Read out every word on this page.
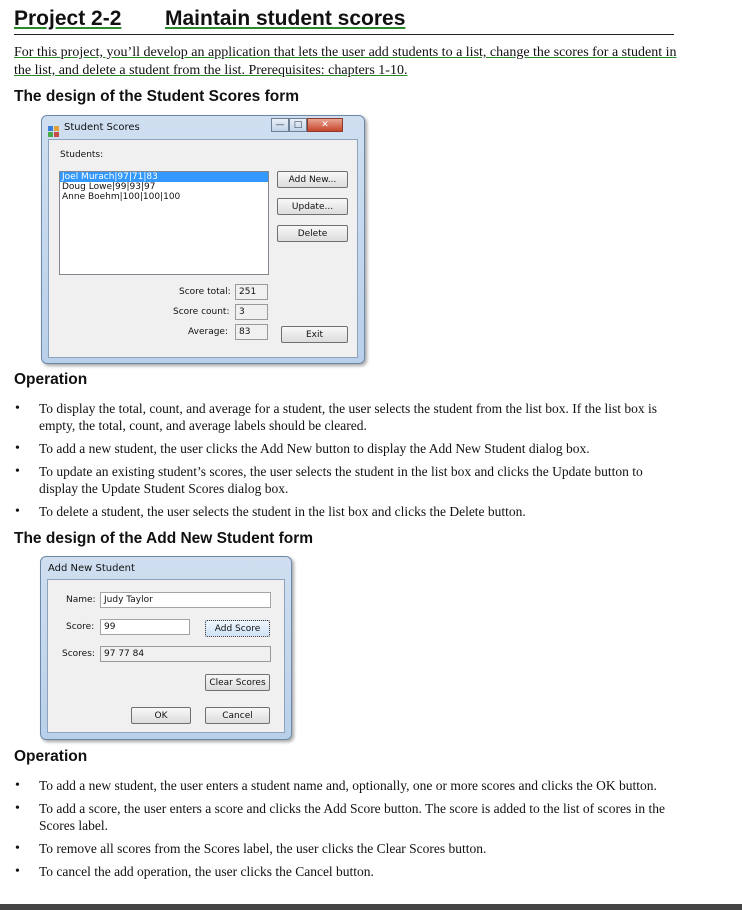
Project 2-2 Maintain student scores
For this project, you’ll develop an application that lets the user add students to a list, change the scores for a student in the list, and delete a student from the list. Prerequisites: chapters 1-10.
The design of the Student Scores form
Student Scores	—	□	✕
Students:
Joel Murach|97|71|83
Doug Lowe|99|93|97
Anne Boehm|100|100|100
Add New...
Update...
Delete
Score total: 251
Score count:	3
Average:	83	Exit
Operation
• To display the total, count, and average for a student, the user selects the student from the list box. If the list box is empty, the total, count, and average labels should be cleared.
• To add a new student, the user clicks the Add New button to display the Add New Student dialog box.
• To update an existing student’s scores, the user selects the student in the list box and clicks the Update button to display the Update Student Scores dialog box.
• To delete a student, the user selects the student in the list box and clicks the Delete button.
The design of the Add New Student form
Add New Student
Name: Judy Taylor
Score:	99	Add Score
Scores:	97 77 84
Clear Scores
OK	Cancel
Operation
• To add a new student, the user enters a student name and, optionally, one or more scores and clicks the OK button.
• To add a score, the user enters a score and clicks the Add Score button. The score is added to the list of scores in the Scores label.
• To remove all scores from the Scores label, the user clicks the Clear Scores button.
• To cancel the add operation, the user clicks the Cancel button.
